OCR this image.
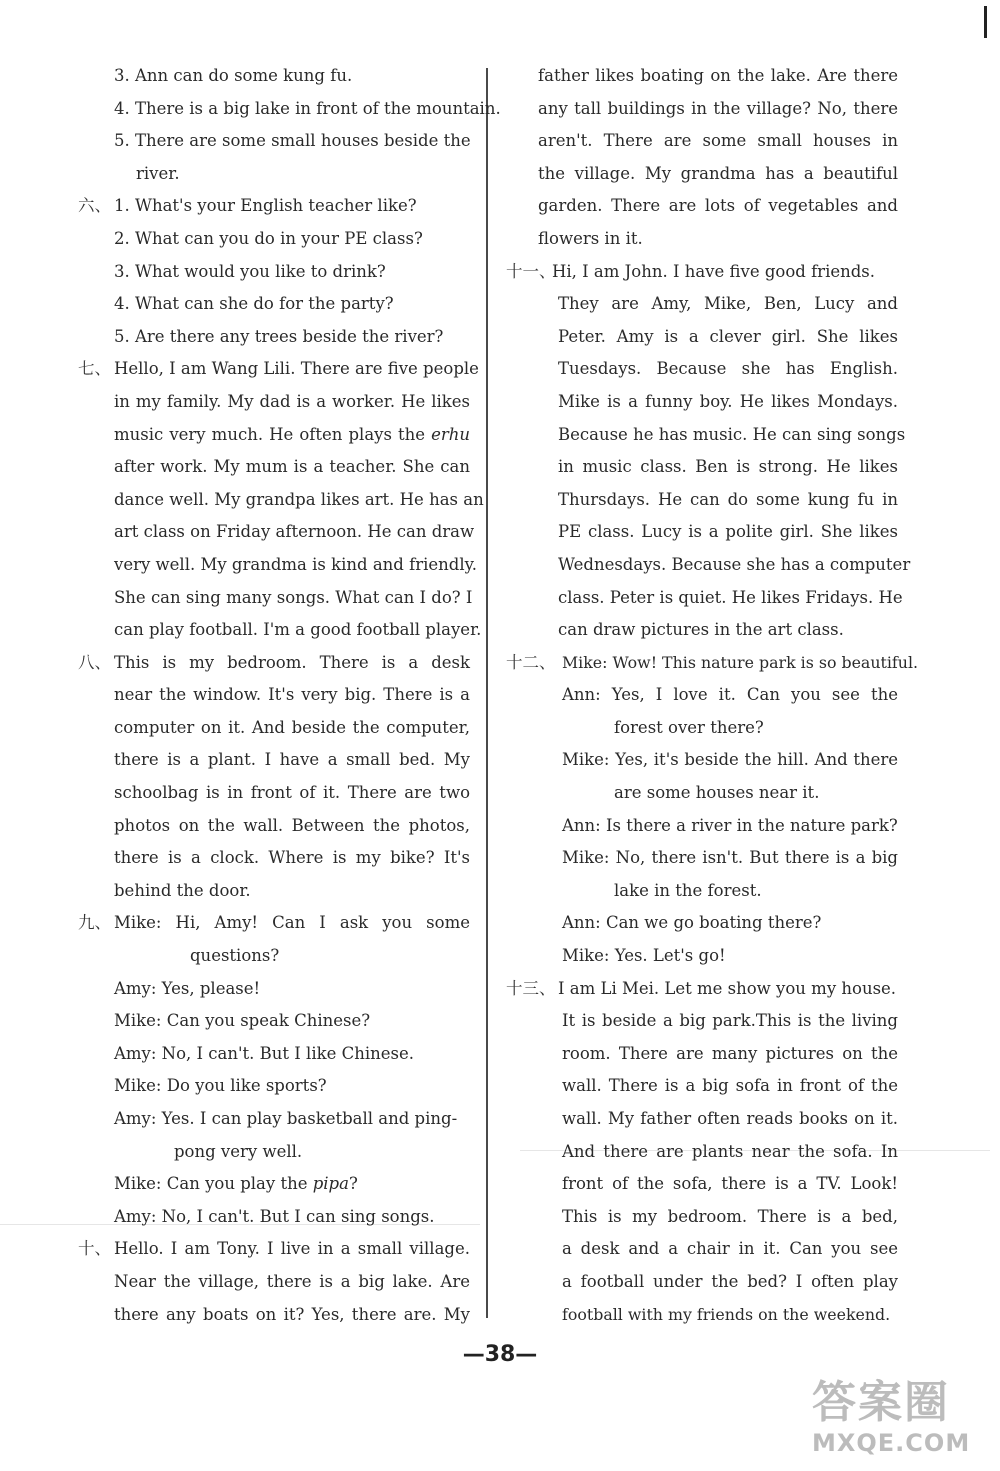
3. Ann can do some kung fu.
4. There is a big lake in front of the mountain.
5. There are some small houses beside the
river.
六、 1. What's your English teacher like?
2. What can you do in your PE class?
3. What would you like to drink?
4. What can she do for the party?
5. Are there any trees beside the river?
七、 Hello, I am Wang Lili. There are five people
in my family. My dad is a worker. He likes
music very much. He often plays the erhu
after work. My mum is a teacher. She can
dance well. My grandpa likes art. He has an
art class on Friday afternoon. He can draw
very well. My grandma is kind and friendly.
She can sing many songs. What can I do? I
can play football. I'm a good football player.
八、 This is my bedroom. There is a desk
near the window. It's very big. There is a
computer on it. And beside the computer,
there is a plant. I have a small bed. My
schoolbag is in front of it. There are two
photos on the wall. Between the photos,
there is a clock. Where is my bike? It's
behind the door.
九、 Mike: Hi, Amy! Can I ask you some
questions?
Amy: Yes, please!
Mike: Can you speak Chinese?
Amy: No, I can't. But I like Chinese.
Mike: Do you like sports?
Amy: Yes. I can play basketball and ping-
pong very well.
Mike: Can you play the pipa?
Amy: No, I can't. But I can sing songs.
十、 Hello. I am Tony. I live in a small village.
Near the village, there is a big lake. Are
there any boats on it? Yes, there are. My
father likes boating on the lake. Are there
any tall buildings in the village? No, there
aren't. There are some small houses in
the village. My grandma has a beautiful
garden. There are lots of vegetables and
flowers in it.
十一、
Hi, I am John. I have five good friends.
They are Amy, Mike, Ben, Lucy and
Peter. Amy is a clever girl. She likes
Tuesdays. Because she has English.
Mike is a funny boy. He likes Mondays.
Because he has music. He can sing songs
in music class. Ben is strong. He likes
Thursdays. He can do some kung fu in
PE class. Lucy is a polite girl. She likes
Wednesdays. Because she has a computer
class. Peter is quiet. He likes Fridays. He
can draw pictures in the art class.
十二、 Mike: Wow! This nature park is so beautiful.
Ann: Yes, I love it. Can you see the
forest over there?
Mike: Yes, it's beside the hill. And there
are some houses near it.
Ann: Is there a river in the nature park?
Mike: No, there isn't. But there is a big
lake in the forest.
Ann: Can we go boating there?
Mike: Yes. Let's go!
十三、 I am Li Mei. Let me show you my house.
It is beside a big park.This is the living
room. There are many pictures on the
wall. There is a big sofa in front of the
wall. My father often reads books on it.
And there are plants near the sofa. In
front of the sofa, there is a TV. Look!
This is my bedroom. There is a bed,
a desk and a chair in it. Can you see
a football under the bed? I often play
football with my friends on the weekend.
—38—
答案圈
MXQE.COM
